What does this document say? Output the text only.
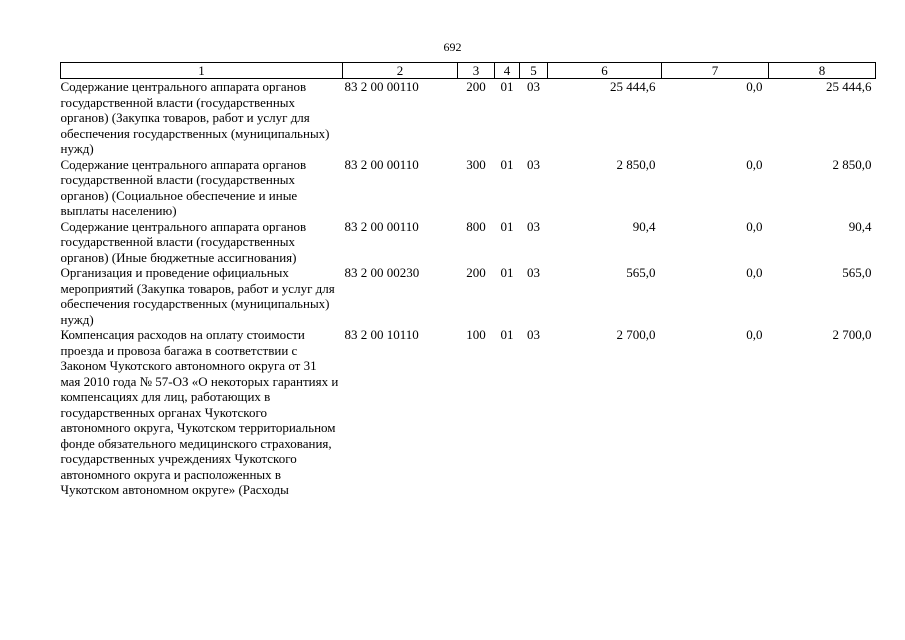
692
1	2	3	4	5	6	7	8
Содержание центрального аппарата органов государственной власти (государственных органов) (Закупка товаров, работ и услуг для обеспечения государственных (муниципальных) нужд)	83 2 00 00110	200	01	03	25 444,6	0,0	25 444,6
Содержание центрального аппарата органов государственной власти (государственных органов) (Социальное обеспечение и иные выплаты населению)	83 2 00 00110	300	01	03	2 850,0	0,0	2 850,0
Содержание центрального аппарата органов государственной власти (государственных органов) (Иные бюджетные ассигнования)	83 2 00 00110	800	01	03	90,4	0,0	90,4
Организация и проведение официальных мероприятий (Закупка товаров, работ и услуг для обеспечения государственных (муниципальных) нужд)	83 2 00 00230	200	01	03	565,0	0,0	565,0
Компенсация расходов на оплату стоимости проезда и провоза багажа в соответствии с Законом Чукотского автономного округа от 31 мая 2010 года № 57-ОЗ «О некоторых гарантиях и компенсациях для лиц, работающих в государственных органах Чукотского автономного округа, Чукотском территориальном фонде обязательного медицинского страхования, государственных учреждениях Чукотского автономного округа и расположенных в Чукотском автономном округе» (Расходы	83 2 00 10110	100	01	03	2 700,0	0,0	2 700,0
